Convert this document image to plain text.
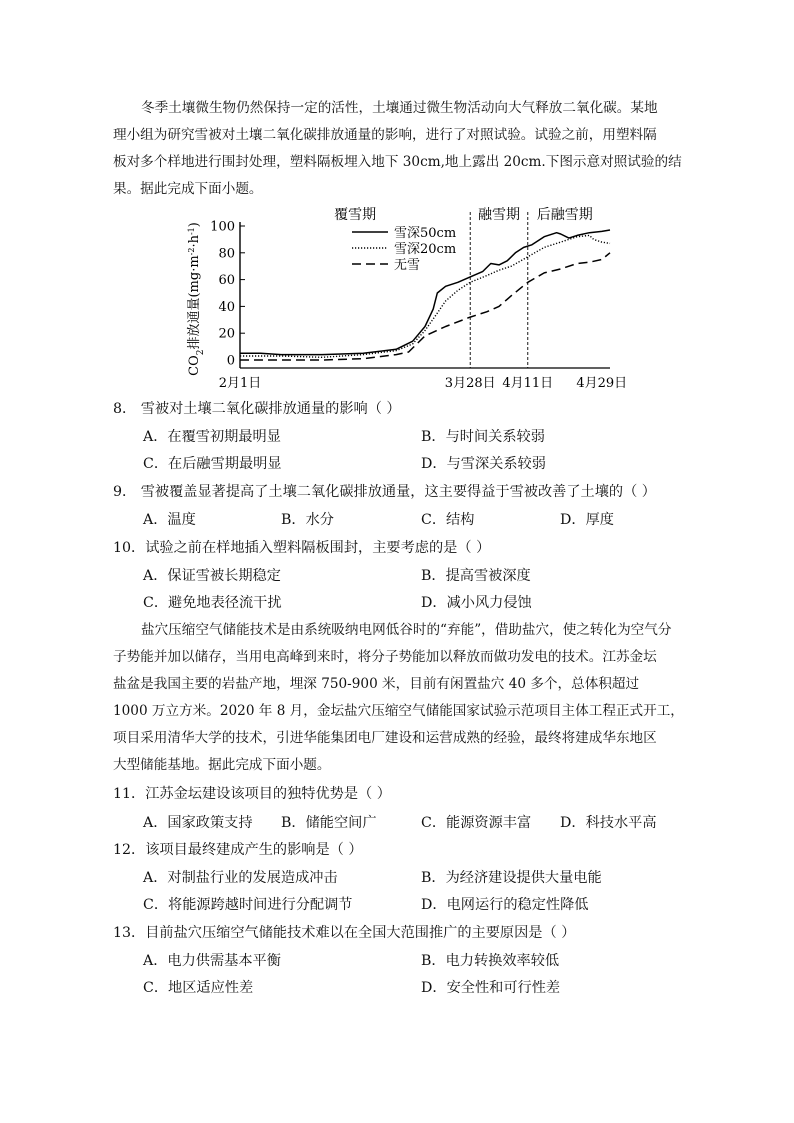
冬季土壤微生物仍然保持一定的活性，土壤通过微生物活动向大气释放二氧化碳。某地
理小组为研究雪被对土壤二氧化碳排放通量的影响，进行了对照试验。试验之前，用塑料隔
板对多个样地进行围封处理，塑料隔板埋入地下 30cm,地上露出 20cm.下图示意对照试验的结
果。据此完成下面小题。
0
20
40
60
80
100
2月1日	3月28日 4月11日 4月29日
雪深50cm
雪深20cm
无雪
覆雪期	融雪期 后融雪期
$CO_2$排放通量$(mg\cdot m^{-2}\cdot h^{-1})$
8． 雪被对土壤二氧化碳排放通量的影响（ ）
A．在覆雪初期最明显	B．与时间关系较弱
C．在后融雪期最明显	D．与雪深关系较弱
9． 雪被覆盖显著提高了土壤二氧化碳排放通量，这主要得益于雪被改善了土壤的（ ）
A．温度	B．水分	C．结构	D．厚度
10．试验之前在样地插入塑料隔板围封，主要考虑的是（ ）
A．保证雪被长期稳定	B．提高雪被深度
C．避免地表径流干扰	D．减小风力侵蚀
盐穴压缩空气储能技术是由系统吸纳电网低谷时的“弃能”，借助盐穴，使之转化为空气分
子势能并加以储存，当用电高峰到来时，将分子势能加以释放而做功发电的技术。江苏金坛
盐盆是我国主要的岩盐产地，埋深 750-900 米，目前有闲置盐穴 40 多个，总体积超过
1000 万立方米。2020 年 8 月，金坛盐穴压缩空气储能国家试验示范项目主体工程正式开工，
项目采用清华大学的技术，引进华能集团电厂建设和运营成熟的经验，最终将建成华东地区
大型储能基地。据此完成下面小题。
11．江苏金坛建设该项目的独特优势是（ ）
A．国家政策支持 B．储能空间广	C．能源资源丰富 D．科技水平高
12．该项目最终建成产生的影响是（ ）
A．对制盐行业的发展造成冲击	B．为经济建设提供大量电能
C．将能源跨越时间进行分配调节	D．电网运行的稳定性降低
13．目前盐穴压缩空气储能技术难以在全国大范围推广的主要原因是（ ）
A．电力供需基本平衡	B．电力转换效率较低
C．地区适应性差	D．安全性和可行性差
